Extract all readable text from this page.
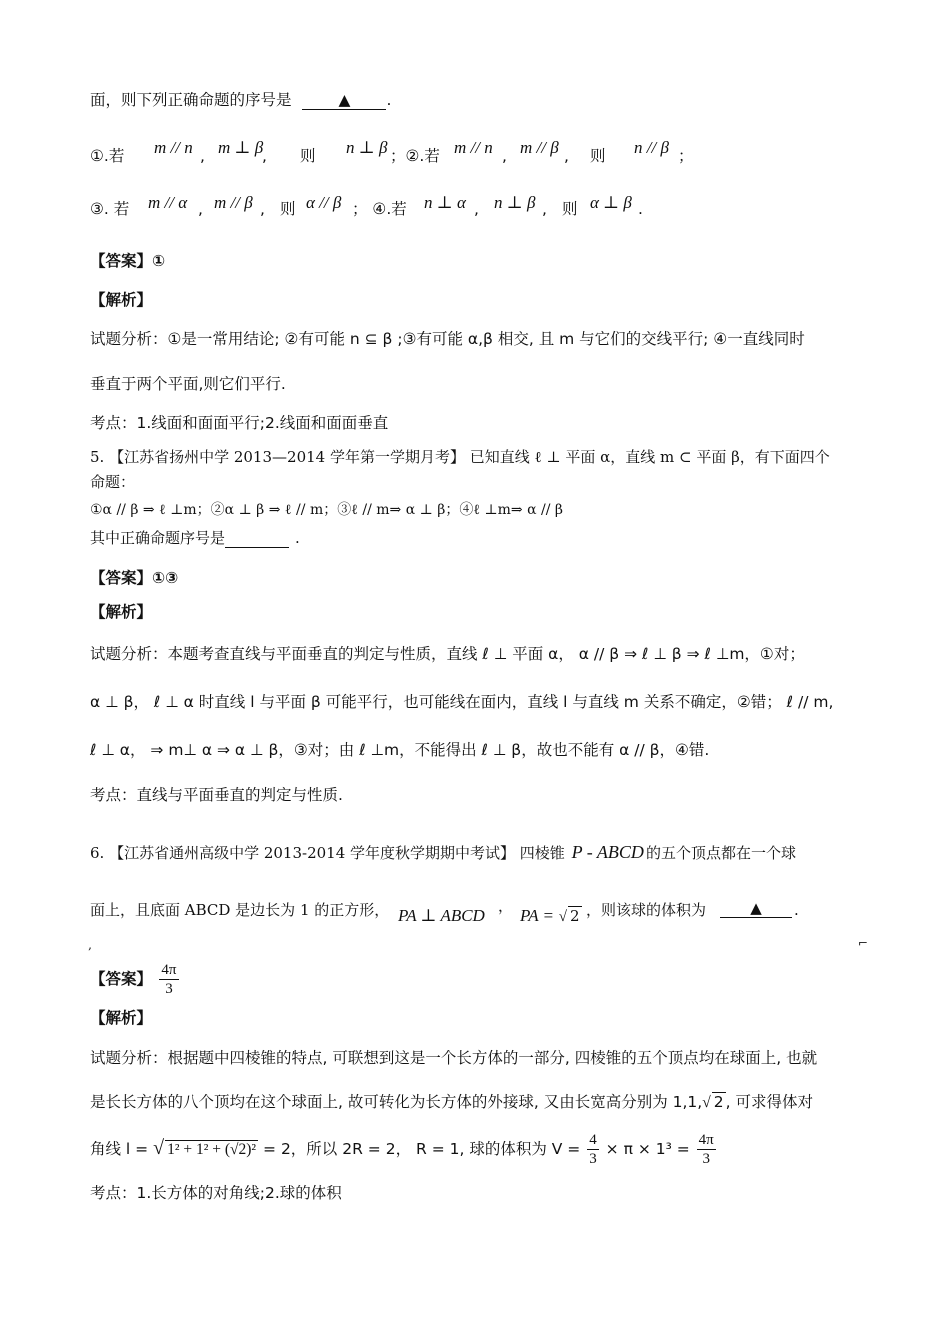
面，则下列正确命题的序号是	▲ .
①.若 m // n , m ⊥ β
, 则 n ⊥ β ；②.若 m // n , m // β , 则 n // β ；
③. 若 m // α , m // β , 则 α // β ； ④.若 n ⊥ α , n ⊥ β , 则 α ⊥ β .
【答案】①
【解析】
试题分析：①是一常用结论; ②有可能 n ⊆ β ;③有可能 α,β 相交, 且 m 与它们的交线平行; ④一直线同时
垂直于两个平面,则它们平行.
考点：1.线面和面面平行;2.线面和面面垂直
5. 【江苏省扬州中学 2013—2014 学年第一学期月考】 已知直线 ℓ ⊥ 平面 α，直线 m ⊂ 平面 β，有下面四个
命题：
①α // β ⇒ ℓ ⊥m；②α ⊥ β ⇒ ℓ // m；③ℓ // m⇒ α ⊥ β；④ℓ ⊥m⇒ α // β
其中正确命题序号是	.
【答案】①③
【解析】
试题分析：本题考查直线与平面垂直的判定与性质，直线 ℓ ⊥ 平面 α， α // β ⇒ ℓ ⊥ β ⇒ ℓ ⊥m，①对；
α ⊥ β， ℓ ⊥ α 时直线 l 与平面 β 可能平行，也可能线在面内，直线 l 与直线 m 关系不确定，②错； ℓ // m,
ℓ ⊥ α， ⇒ m⊥ α ⇒ α ⊥ β，③对；由 ℓ ⊥m，不能得出 ℓ ⊥ β，故也不能有 α // β，④错.
考点：直线与平面垂直的判定与性质.
6. 【江苏省通州高级中学 2013-2014 学年度秋学期期中考试】 四棱锥 P - ABCD 的五个顶点都在一个球
面上，且底面 ABCD 是边长为 1 的正方形， PA ⊥ ABCD ， PA = √ 2 ，则该球的体积为	▲	.
‚	⌐
【答案】 $\frac{4\pi}{3}$
【解析】
试题分析：根据题中四棱锥的特点, 可联想到这是一个长方体的一部分, 四棱锥的五个顶点均在球面上, 也就
是长长方体的八个顶均在这个球面上, 故可转化为长方体的外接球, 又由长宽高分别为 1,1,√ 2 , 可求得体对
角线 l = √ 1² + 1² + (√2)² = 2，所以 2R = 2， R = 1, 球的体积为 $V = \frac{4}{3} \times \pi \times 1^3 = \frac{4\pi}{3}$
考点：1.长方体的对角线;2.球的体积
